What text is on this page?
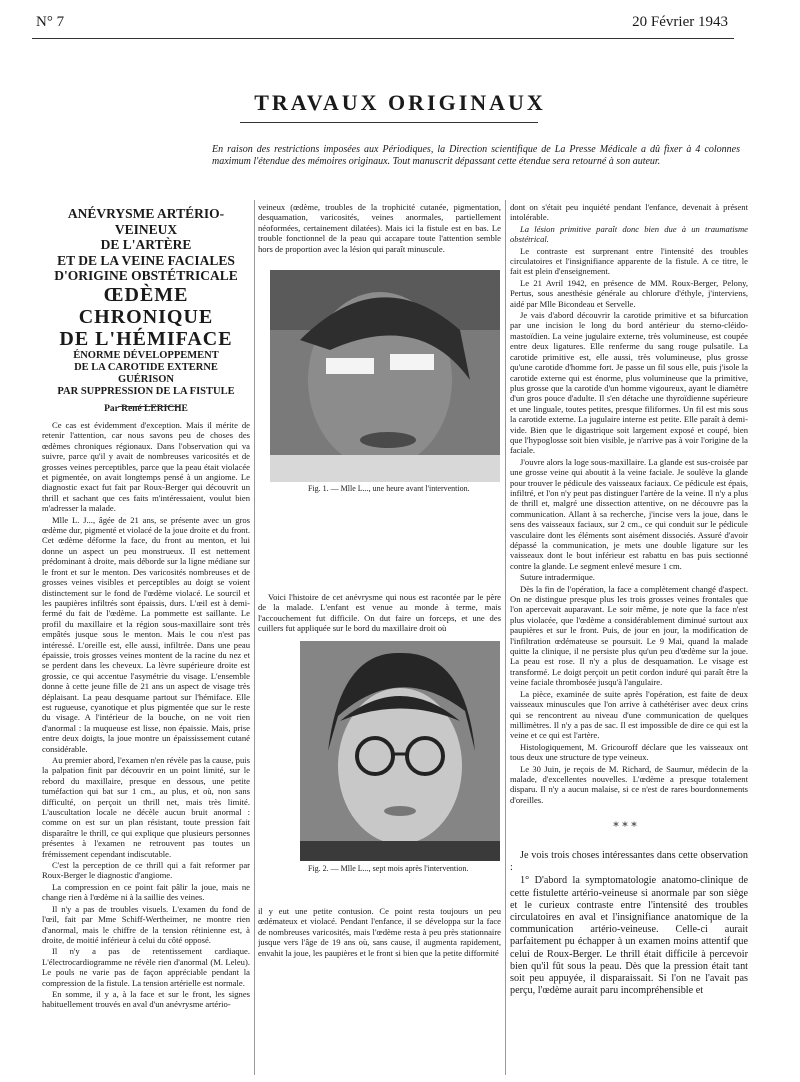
N° 7	20 Février 1943
TRAVAUX ORIGINAUX
En raison des restrictions imposées aux Périodiques, la Direction scientifique de La Presse Médicale a dû fixer à 4 colonnes maximum l'étendue des mémoires originaux. Tout manuscrit dépassant cette étendue sera retourné à son auteur.
ANÉVRYSME ARTÉRIO-VEINEUX
DE L'ARTÈRE
ET DE LA VEINE FACIALES
D'ORIGINE OBSTÉTRICALE
ŒDÈME CHRONIQUE
DE L'HÉMIFACE
ÉNORME DÉVELOPPEMENT
DE LA CAROTIDE EXTERNE
GUÉRISON
PAR SUPPRESSION DE LA FISTULE
Par René LERICHE

Ce cas est évidemment d'exception. Mais il mérite de retenir l'attention, car nous savons peu de choses des œdèmes chroniques régionaux. Dans l'observation qui va suivre, parce qu'il y avait de nombreuses varicosités et de grosses veines perceptibles, parce que la peau était violacée et pigmentée, on avait longtemps pensé à un angiome. Le diagnostic exact fut fait par Roux-Berger qui découvrit un thrill et sachant que ces faits m'intéressaient, voulut bien m'adresser la malade.

Mlle L. J..., âgée de 21 ans, se présente avec un gros œdème dur, pigmenté et violacé de la joue droite et du front. Cet œdème déforme la face, du front au menton, et lui donne un aspect un peu monstrueux. Il est nettement prédominant à droite, mais déborde sur la ligne médiane sur le front et sur le menton. Des varicosités nombreuses et de grosses veines visibles et perceptibles au doigt se voient distinctement sur le fond de l'œdème violacé. Le sourcil et les paupières infiltrés sont épaissis, durs. L'œil est à demi-fermé du fait de l'œdème. La pommette est saillante. Le profil du maxillaire et la région sous-maxillaire sont très empâtés jusque sous le menton. Mais le cou n'est pas intéressé. L'oreille est, elle aussi, infiltrée. Dans une peau épaissie, trois grosses veines montent de la racine du nez et se perdent dans les cheveux. La lèvre supérieure droite est grossie, ce qui accentue l'asymétrie du visage. L'ensemble donne à cette jeune fille de 21 ans un aspect de visage très déplaisant. La peau desquame partout sur l'hémiface. Elle est rugueuse, cyanotique et plus pigmentée que sur le reste du visage. A l'intérieur de la bouche, on ne voit rien d'anormal : la muqueuse est lisse, non épaissie. Mais, prise entre deux doigts, la joue montre un épaississement cutané considérable.

Au premier abord, l'examen n'en révèle pas la cause, puis la palpation finit par découvrir en un point limité, sur le rebord du maxillaire, presque en dessous, une petite tuméfaction qui bat sur 1 cm., au plus, et où, non sans difficulté, on perçoit un thrill net, mais très limité. L'auscultation locale ne décèle aucun bruit anormal : comme on est sur un plan résistant, toute pression fait disparaître le thrill, ce qui explique que plusieurs personnes présentes à l'examen ne retrouvent pas toutes un frémissement cependant indiscutable.

C'est la perception de ce thrill qui a fait reformer par Roux-Berger le diagnostic d'angiome.

La compression en ce point fait pâlir la joue, mais ne change rien à l'œdème ni à la saillie des veines.

Il n'y a pas de troubles visuels. L'examen du fond de l'œil, fait par Mme Schiff-Wertheimer, ne montre rien d'anormal, mais le chiffre de la tension rétinienne est, à droite, de moitié inférieur à celui du côté opposé.

Il n'y a pas de retentissement cardiaque. L'électrocardiogramme ne révèle rien d'anormal (M. Leleu). Le pouls ne varie pas de façon appréciable pendant la compression de la fistule. La tension artérielle est normale.

En somme, il y a, à la face et sur le front, les signes habituellement trouvés en aval d'un anévrysme artério-

veineux (œdème, troubles de la trophicité cutanée, pigmentation, desquamation, varicosités, veines anormales, partiellement néoformées, certainement dilatées). Mais ici la fistule est en bas. Le trouble fonctionnel de la peau qui accapare toute l'attention semble hors de proportion avec la lésion qui paraît minuscule.

Fig. 1. — Mlle L..., une heure avant l'intervention.

Voici l'histoire de cet anévrysme qui nous est racontée par le père de la malade. L'enfant est venue au monde à terme, mais l'accouchement fut difficile. On dut faire un forceps, et une des cuillers fut appliquée sur le bord du maxillaire droit où

Fig. 2. — Mlle L..., sept mois après l'intervention.

il y eut une petite contusion. Ce point resta toujours un peu œdémateux et violacé. Pendant l'enfance, il se développa sur la face de nombreuses varicosités, mais l'œdème resta à peu près stationnaire jusque vers l'âge de 19 ans où, sans cause, il augmenta rapidement, envahit la joue, les paupières et le front si bien que la petite difformité

dont on s'était peu inquiété pendant l'enfance, devenait à présent intolérable.

La lésion primitive paraît donc bien due à un traumatisme obstétrical.

Le contraste est surprenant entre l'intensité des troubles circulatoires et l'insignifiance apparente de la fistule. A ce titre, le fait est plein d'enseignement.

Le 21 Avril 1942, en présence de MM. Roux-Berger, Pelony, Pertus, sous anesthésie générale au chlorure d'éthyle, j'interviens, aidé par Mlle Bicondeau et Servelle.

Je vais d'abord découvrir la carotide primitive et sa bifurcation par une incision le long du bord antérieur du sterno-cléido-mastoïdien. La veine jugulaire externe, très volumineuse, est coupée entre deux ligatures. Elle renferme du sang rouge pulsatile. La carotide primitive est, elle aussi, très volumineuse, plus grosse qu'une carotide d'homme fort. Je passe un fil sous elle, puis j'isole la carotide externe qui est énorme, plus volumineuse que la primitive, plus grosse que la carotide d'un homme vigoureux, ayant le diamètre d'un gros pouce d'adulte. Il s'en détache une thyroïdienne supérieure et une linguale, toutes petites, presque filiformes. Un fil est mis sous la carotide externe. La jugulaire interne est petite. Elle paraît à demi-vide. Bien que le digastrique soit largement exposé et coupé, bien que l'hypoglosse soit bien visible, je n'arrive pas à voir l'origine de la faciale.

J'ouvre alors la loge sous-maxillaire. La glande est sus-croisée par une grosse veine qui aboutit à la veine faciale. Je soulève la glande pour trouver le pédicule des vaisseaux faciaux. Ce pédicule est épais, infiltré, et l'on n'y peut pas distinguer l'artère de la veine. Il n'y a plus de thrill et, malgré une dissection attentive, on ne découvre pas la communication. Allant à sa recherche, j'incise vers la joue, dans le sens des vaisseaux faciaux, sur 2 cm., ce qui conduit sur le pédicule vasculaire dont les éléments sont aisément dissociés. Assuré d'avoir dépassé la communication, je mets une double ligature sur les vaisseaux dont le bout inférieur est rabattu en bas puis sectionné contre la glande. Le segment enlevé mesure 1 cm.

Suture intradermique.

Dès la fin de l'opération, la face a complètement changé d'aspect. On ne distingue presque plus les trois grosses veines frontales que l'on apercevait auparavant. Le soir même, je note que la face n'est plus violacée, que l'œdème a considérablement diminué surtout aux paupières et sur le front. Puis, de jour en jour, la modification de l'infiltration œdémateuse se poursuit. Le 9 Mai, quand la malade quitte la clinique, il ne persiste plus qu'un peu d'œdème sur la joue. La peau est rose. Il n'y a plus de desquamation. Le visage est transformé. Le doigt perçoit un petit cordon induré qui paraît être la veine faciale thrombosée jusqu'à l'angulaire.

La pièce, examinée de suite après l'opération, est faite de deux vaisseaux minuscules que l'on arrive à cathétériser avec deux crins qui se rencontrent au niveau d'une communication de quelques millimètres. Il n'y a pas de sac. Il est impossible de dire ce qui est la veine et ce qui est l'artère.

Histologiquement, M. Gricouroff déclare que les vaisseaux ont tous deux une structure de type veineux.

Le 30 Juin, je reçois de M. Richard, de Saumur, médecin de la malade, d'excellentes nouvelles. L'œdème a presque totalement disparu. Il n'y a aucun malaise, si ce n'est de rares bourdonnements d'oreilles.

* * *

Je vois trois choses intéressantes dans cette observation :

1° D'abord la symptomatologie anatomo-clinique de cette fistulette artério-veineuse si anormale par son siège et le curieux contraste entre l'intensité des troubles circulatoires en aval et l'insignifiance anatomique de la communication artério-veineuse. Celle-ci aurait parfaitement pu échapper à un examen moins attentif que celui de Roux-Berger. Le thrill était difficile à percevoir bien qu'il fût sous la peau. Dès que la pression était tant soit peu appuyée, il disparaissait. Si l'on ne l'avait pas perçu, l'œdème aurait paru incompréhensible et
